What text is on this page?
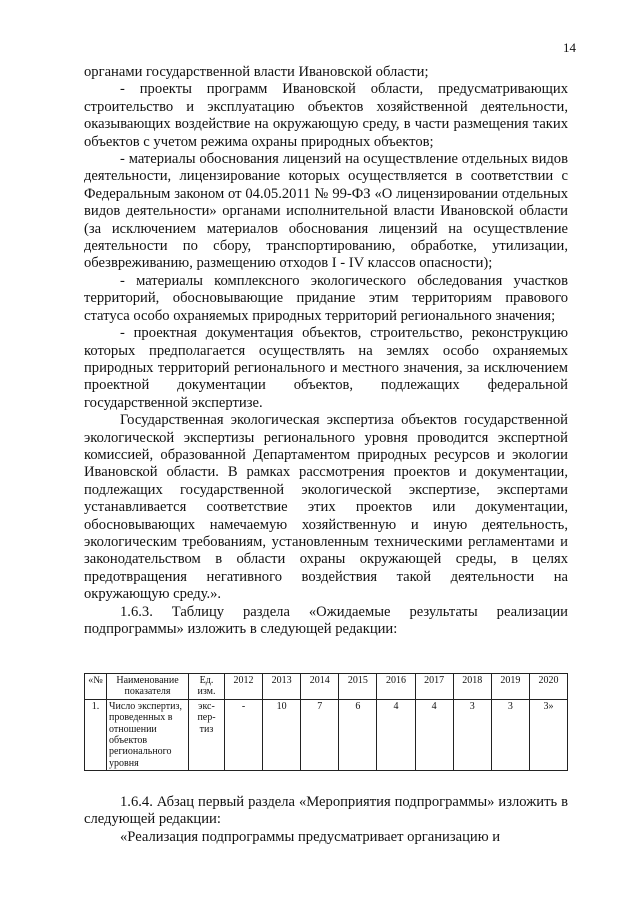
14

органами государственной власти Ивановской области;

- проекты программ Ивановской области, предусматривающих строительство и эксплуатацию объектов хозяйственной деятельности, оказывающих воздействие на окружающую среду, в части размещения таких объектов с учетом режима охраны природных объектов;

- материалы обоснования лицензий на осуществление отдельных видов деятельности, лицензирование которых осуществляется в соответствии с Федеральным законом от 04.05.2011 № 99-ФЗ «О лицензировании отдельных видов деятельности» органами исполнительной власти Ивановской области (за исключением материалов обоснования лицензий на осуществление деятельности по сбору, транспортированию, обработке, утилизации, обезвреживанию, размещению отходов I - IV классов опасности);

- материалы комплексного экологического обследования участков территорий, обосновывающие придание этим территориям правового статуса особо охраняемых природных территорий регионального значения;

- проектная документация объектов, строительство, реконструкцию которых предполагается осуществлять на землях особо охраняемых природных территорий регионального и местного значения, за исключением проектной документации объектов, подлежащих федеральной государственной экспертизе.

Государственная экологическая экспертиза объектов государственной экологической экспертизы регионального уровня проводится экспертной комиссией, образованной Департаментом природных ресурсов и экологии Ивановской области. В рамках рассмотрения проектов и документации, подлежащих государственной экологической экспертизе, экспертами устанавливается соответствие этих проектов или документации, обосновывающих намечаемую хозяйственную и иную деятельность, экологическим требованиям, установленным техническими регламентами и законодательством в области охраны окружающей среды, в целях предотвращения негативного воздействия такой деятельности на окружающую среду.».

1.6.3. Таблицу раздела «Ожидаемые результаты реализации подпрограммы» изложить в следующей редакции:

«№	Наименование показателя	Ед. изм.	2012	2013	2014	2015	2016	2017	2018	2019	2020
1.	Число экспертиз, проведенных в отношении объектов регионального уровня	экс-пер-тиз	-	10	7	6	4	4	3	3	3»

1.6.4. Абзац первый раздела «Мероприятия подпрограммы» изложить в следующей редакции:

«Реализация подпрограммы предусматривает организацию и
